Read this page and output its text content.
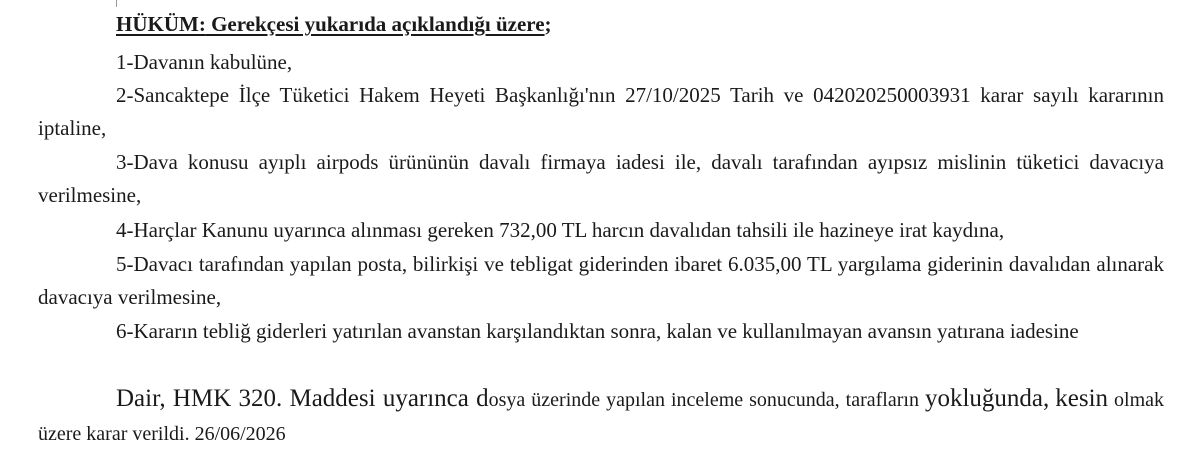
HÜKÜM: Gerekçesi yukarıda açıklandığı üzere;

1-Davanın kabulüne,

2-Sancaktepe İlçe Tüketici Hakem Heyeti Başkanlığı'nın 27/10/2025 Tarih ve 042020250003931 karar sayılı kararının iptaline,

3-Dava konusu ayıplı airpods ürününün davalı firmaya iadesi ile, davalı tarafından ayıpsız mislinin tüketici davacıya verilmesine,

4-Harçlar Kanunu uyarınca alınması gereken 732,00 TL harcın davalıdan tahsili ile hazineye irat kaydına,

5-Davacı tarafından yapılan posta, bilirkişi ve tebligat giderinden ibaret 6.035,00 TL yargılama giderinin davalıdan alınarak davacıya verilmesine,

6-Kararın tebliğ giderleri yatırılan avanstan karşılandıktan sonra, kalan ve kullanılmayan avansın yatırana iadesine

Dair, HMK 320. Maddesi uyarınca dosya üzerinde yapılan inceleme sonucunda, tarafların yokluğunda, kesin olmak üzere karar verildi. 26/06/2026
